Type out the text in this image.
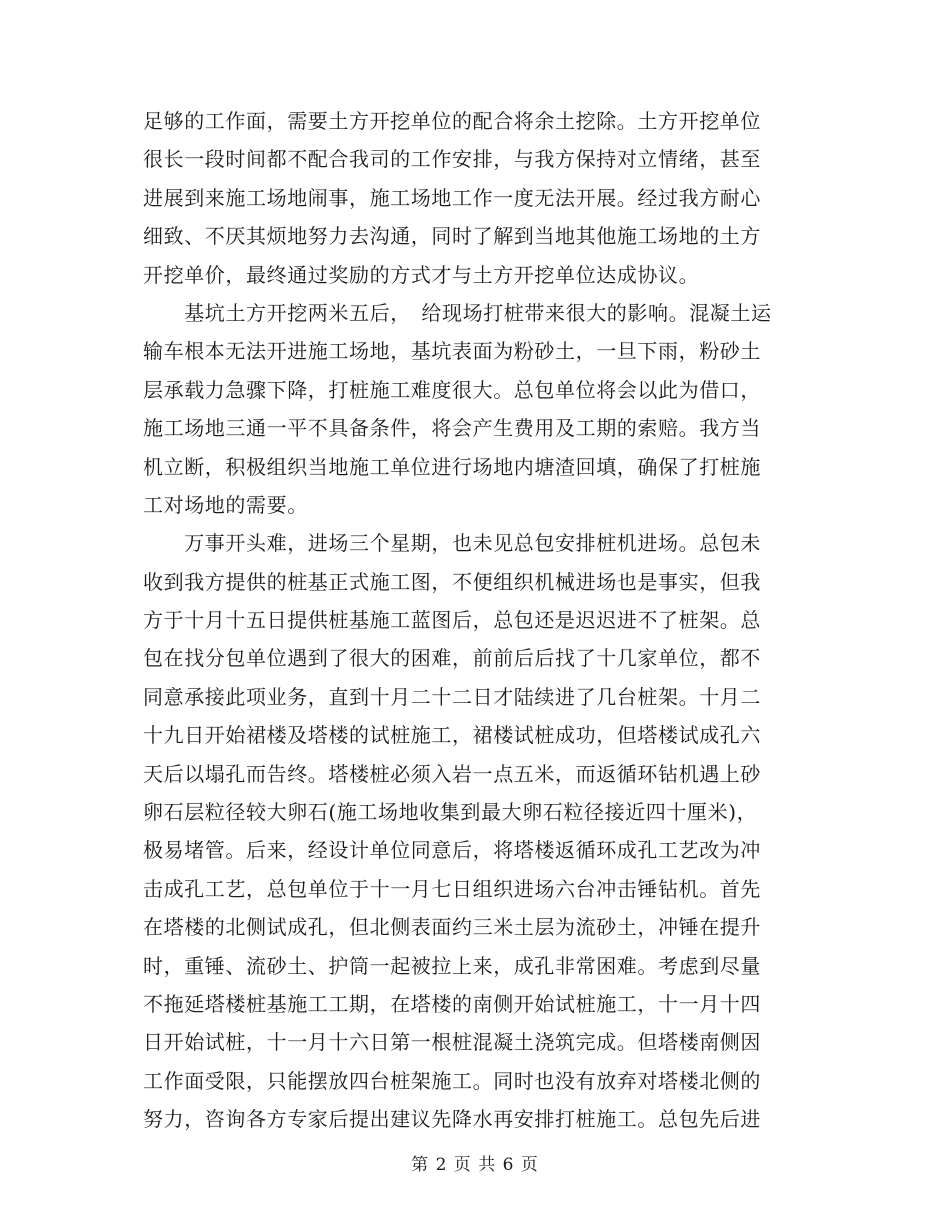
足够的工作面，需要土方开挖单位的配合将余土挖除。土方开挖单位
很长一段时间都不配合我司的工作安排，与我方保持对立情绪，甚至
进展到来施工场地闹事，施工场地工作一度无法开展。经过我方耐心
细致、不厌其烦地努力去沟通，同时了解到当地其他施工场地的土方
开挖单价，最终通过奖励的方式才与土方开挖单位达成协议。
　　基坑土方开挖两米五后，　给现场打桩带来很大的影响。混凝土运
输车根本无法开进施工场地，基坑表面为粉砂土，一旦下雨，粉砂土
层承载力急骤下降，打桩施工难度很大。总包单位将会以此为借口，
施工场地三通一平不具备条件，将会产生费用及工期的索赔。我方当
机立断，积极组织当地施工单位进行场地内塘渣回填，确保了打桩施
工对场地的需要。
　　万事开头难，进场三个星期，也未见总包安排桩机进场。总包未
收到我方提供的桩基正式施工图，不便组织机械进场也是事实，但我
方于十月十五日提供桩基施工蓝图后，总包还是迟迟进不了桩架。总
包在找分包单位遇到了很大的困难，前前后后找了十几家单位，都不
同意承接此项业务，直到十月二十二日才陆续进了几台桩架。十月二
十九日开始裙楼及塔楼的试桩施工，裙楼试桩成功，但塔楼试成孔六
天后以塌孔而告终。塔楼桩必须入岩一点五米，而返循环钻机遇上砂
卵石层粒径较大卵石(施工场地收集到最大卵石粒径接近四十厘米)，
极易堵管。后来，经设计单位同意后，将塔楼返循环成孔工艺改为冲
击成孔工艺，总包单位于十一月七日组织进场六台冲击锤钻机。首先
在塔楼的北侧试成孔，但北侧表面约三米土层为流砂土，冲锤在提升
时，重锤、流砂土、护筒一起被拉上来，成孔非常困难。考虑到尽量
不拖延塔楼桩基施工工期，在塔楼的南侧开始试桩施工，十一月十四
日开始试桩，十一月十六日第一根桩混凝土浇筑完成。但塔楼南侧因
工作面受限，只能摆放四台桩架施工。同时也没有放弃对塔楼北侧的
努力，咨询各方专家后提出建议先降水再安排打桩施工。总包先后进
第 2 页 共 6 页
